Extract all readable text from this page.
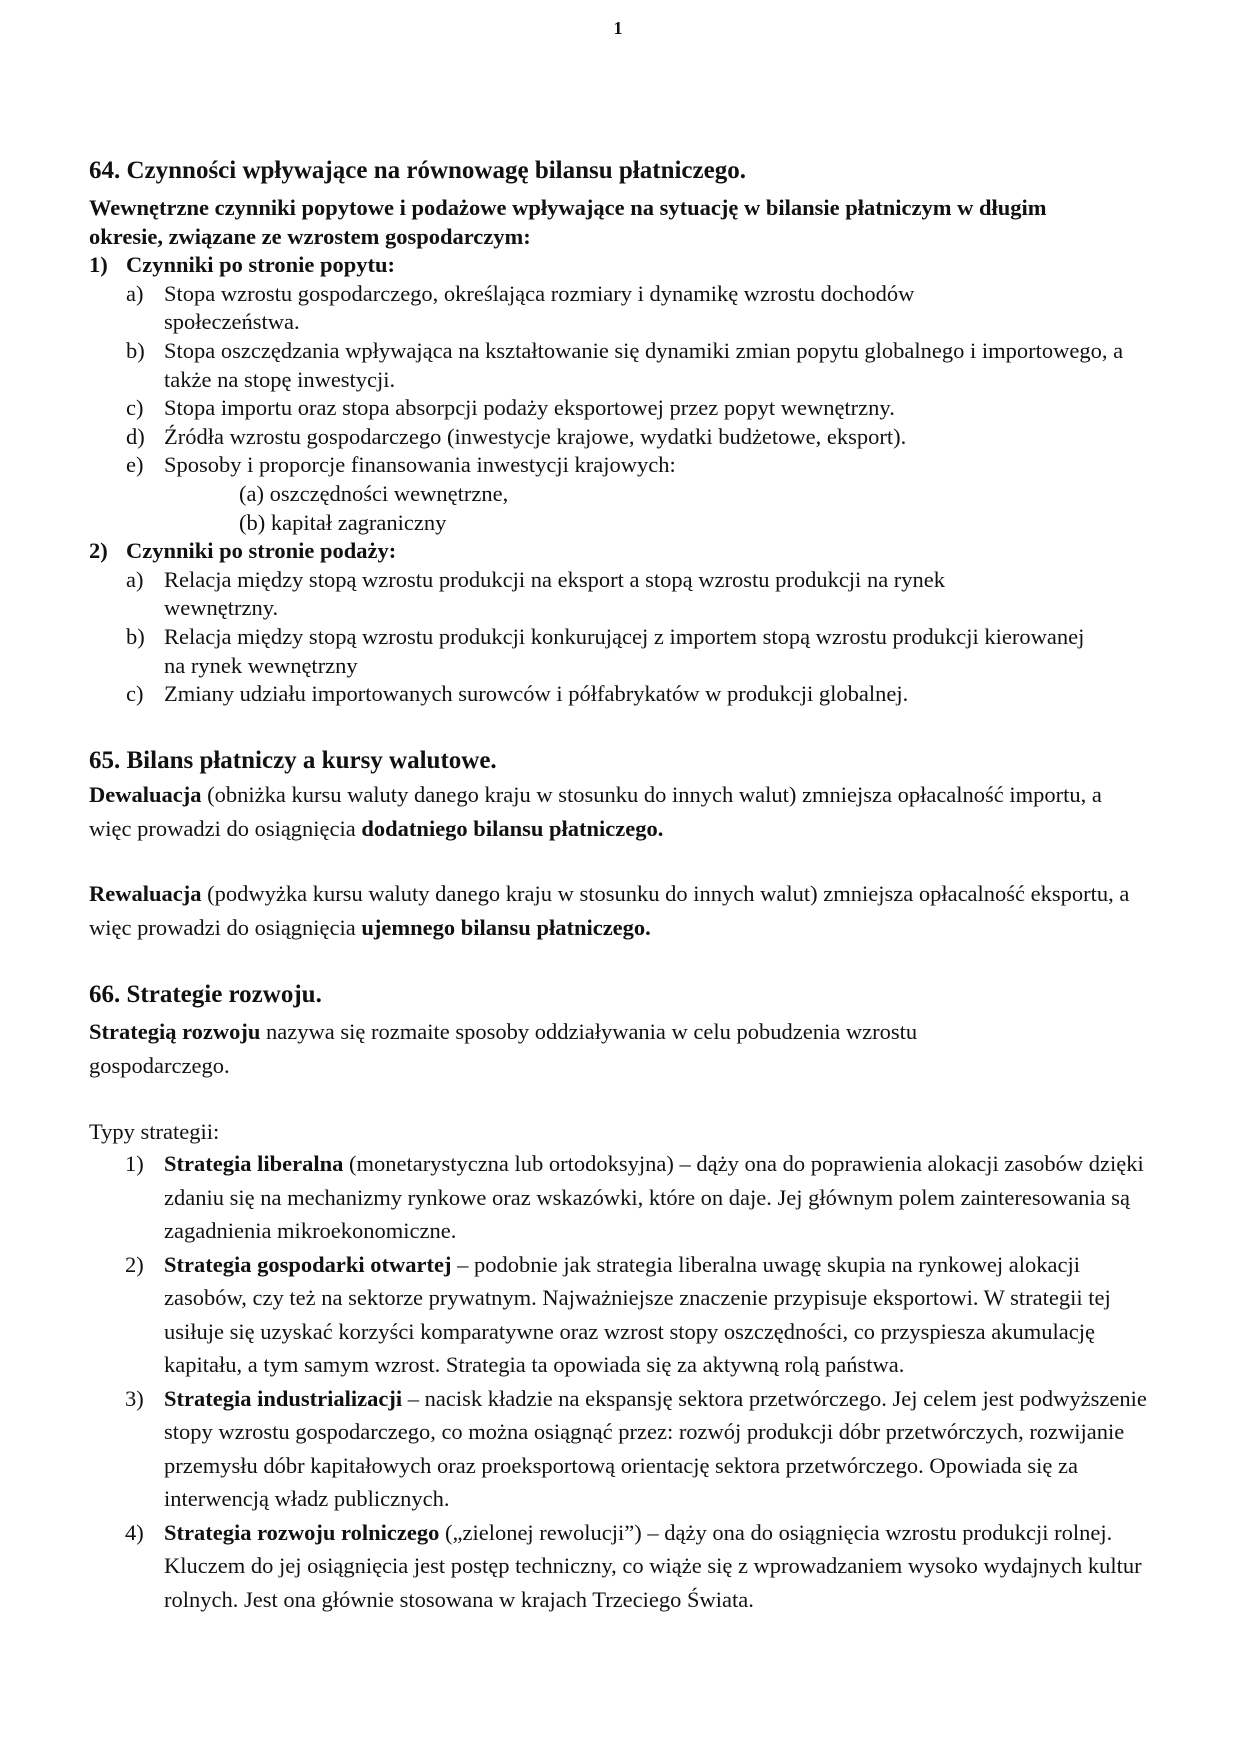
1
64. Czynności wpływające na równowagę bilansu płatniczego.
Wewnętrzne czynniki popytowe i podażowe wpływające na sytuację w bilansie płatniczym w długim okresie, związane ze wzrostem gospodarczym:
1) Czynniki po stronie popytu:
a) Stopa wzrostu gospodarczego, określająca rozmiary i dynamikę wzrostu dochodów społeczeństwa.
b) Stopa oszczędzania wpływająca na kształtowanie się dynamiki zmian popytu globalnego i importowego, a także na stopę inwestycji.
c) Stopa importu oraz stopa absorpcji podaży eksportowej przez popyt wewnętrzny.
d) Źródła wzrostu gospodarczego (inwestycje krajowe, wydatki budżetowe, eksport).
e) Sposoby i proporcje finansowania inwestycji krajowych:
(a) oszczędności wewnętrzne,
(b) kapitał zagraniczny
2) Czynniki po stronie podaży:
a) Relacja między stopą wzrostu produkcji na eksport a stopą wzrostu produkcji na rynek wewnętrzny.
b) Relacja między stopą wzrostu produkcji konkurującej z importem stopą wzrostu produkcji kierowanej na rynek wewnętrzny
c) Zmiany udziału importowanych surowców i półfabrykatów w produkcji globalnej.
65. Bilans płatniczy a kursy walutowe.
Dewaluacja (obniżka kursu waluty danego kraju w stosunku do innych walut) zmniejsza opłacalność importu, a więc prowadzi do osiągnięcia dodatniego bilansu płatniczego.
Rewaluacja (podwyżka kursu waluty danego kraju w stosunku do innych walut) zmniejsza opłacalność eksportu, a więc prowadzi do osiągnięcia ujemnego bilansu płatniczego.
66. Strategie rozwoju.
Strategią rozwoju nazywa się rozmaite sposoby oddziaływania w celu pobudzenia wzrostu gospodarczego.
Typy strategii:
1) Strategia liberalna (monetarystyczna lub ortodoksyjna) – dąży ona do poprawienia alokacji zasobów dzięki zdaniu się na mechanizmy rynkowe oraz wskazówki, które on daje. Jej głównym polem zainteresowania są zagadnienia mikroekonomiczne.
2) Strategia gospodarki otwartej – podobnie jak strategia liberalna uwagę skupia na rynkowej alokacji zasobów, czy też na sektorze prywatnym. Najważniejsze znaczenie przypisuje eksportowi. W strategii tej usiłuje się uzyskać korzyści komparatywne oraz wzrost stopy oszczędności, co przyspiesza akumulację kapitału, a tym samym wzrost. Strategia ta opowiada się za aktywną rolą państwa.
3) Strategia industrializacji – nacisk kładzie na ekspansję sektora przetwórczego. Jej celem jest podwyższenie stopy wzrostu gospodarczego, co można osiągnąć przez: rozwój produkcji dóbr przetwórczych, rozwijanie przemysłu dóbr kapitałowych oraz proeksportową orientację sektora przetwórczego. Opowiada się za interwencją władz publicznych.
4) Strategia rozwoju rolniczego („zielonej rewolucji”) – dąży ona do osiągnięcia wzrostu produkcji rolnej. Kluczem do jej osiągnięcia jest postęp techniczny, co wiąże się z wprowadzaniem wysoko wydajnych kultur rolnych. Jest ona głównie stosowana w krajach Trzeciego Świata.
